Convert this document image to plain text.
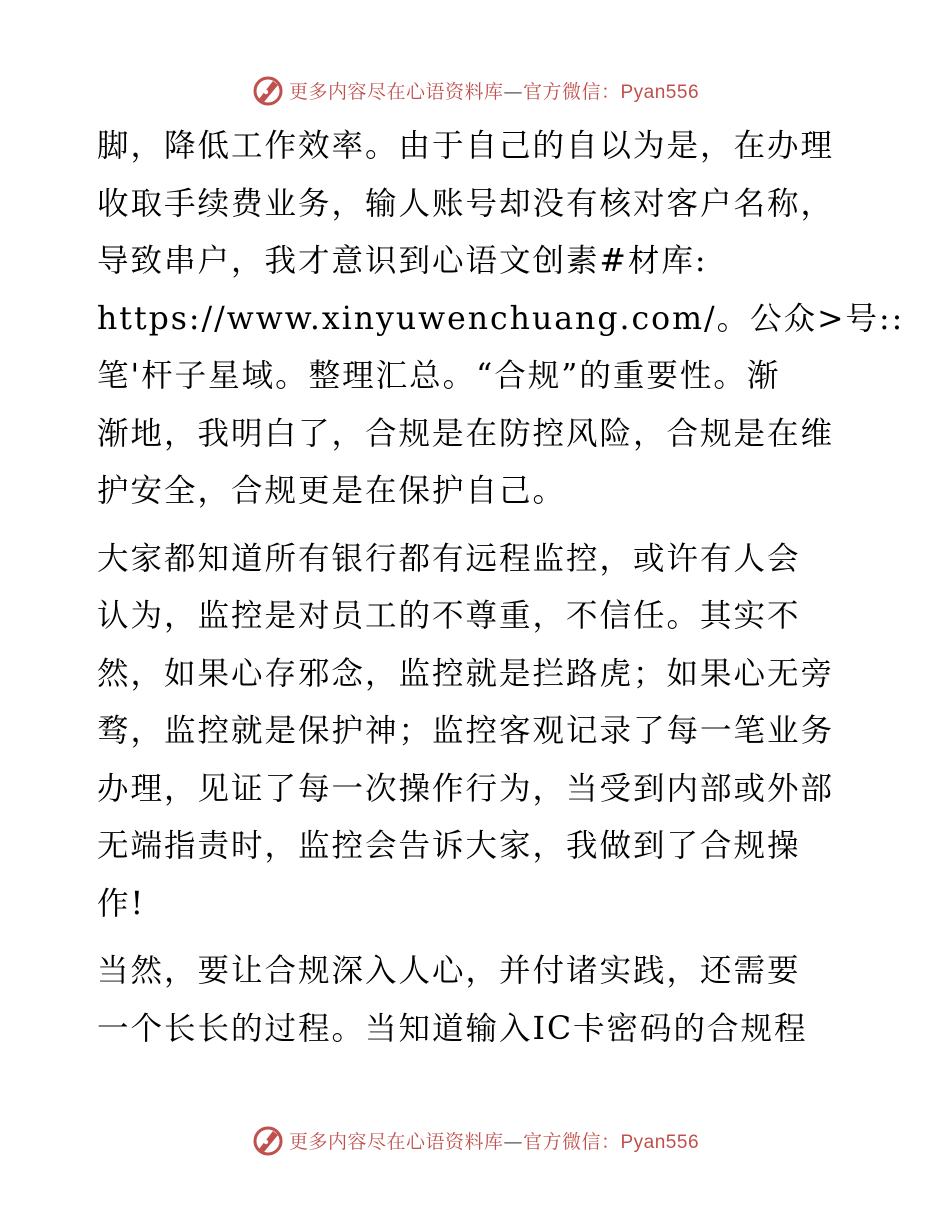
更多内容尽在心语资料库—官方微信：Pyan556

脚，降低工作效率。由于自己的自以为是，在办理
收取手续费业务，输人账号却没有核对客户名称，
导致串户，我才意识到心语文创素#材库:
https://www.xinyuwenchuang.com/。公众>号::
笔'杆子星域。整理汇总。“合规”的重要性。渐
渐地，我明白了，合规是在防控风险，合规是在维
护安全，合规更是在保护自己。

大家都知道所有银行都有远程监控，或许有人会
认为，监控是对员工的不尊重，不信任。其实不
然，如果心存邪念，监控就是拦路虎；如果心无旁
骛，监控就是保护神；监控客观记录了每一笔业务
办理，见证了每一次操作行为，当受到内部或外部
无端指责时，监控会告诉大家，我做到了合规操
作!

当然，要让合规深入人心，并付诸实践，还需要
一个长长的过程。当知道输入IC卡密码的合规程

更多内容尽在心语资料库—官方微信：Pyan556
